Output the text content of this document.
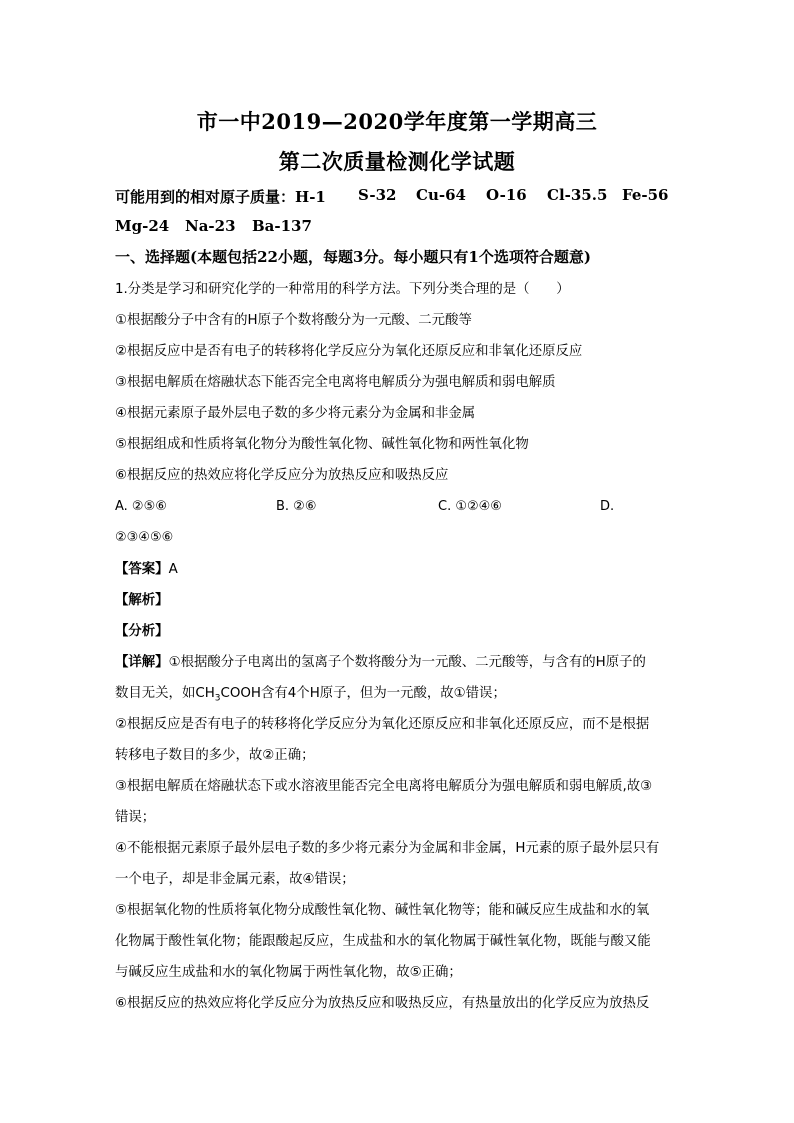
市一中2019—2020学年度第一学期高三
第二次质量检测化学试题
可能用到的相对原子质量：H-1 S-32 Cu-64 O-16 Cl-35.5 Fe-56
Mg-24 Na-23 Ba-137
一、选择题(本题包括22小题，每题3分。每小题只有1个选项符合题意)
1.分类是学习和研究化学的一种常用的科学方法。下列分类合理的是（　　）
①根据酸分子中含有的H原子个数将酸分为一元酸、二元酸等
②根据反应中是否有电子的转移将化学反应分为氧化还原反应和非氧化还原反应
③根据电解质在熔融状态下能否完全电离将电解质分为强电解质和弱电解质
④根据元素原子最外层电子数的多少将元素分为金属和非金属
⑤根据组成和性质将氧化物分为酸性氧化物、碱性氧化物和两性氧化物
⑥根据反应的热效应将化学反应分为放热反应和吸热反应
A. ②⑤⑥	B. ②⑥	C. ①②④⑥	D.
②③④⑤⑥
【答案】A
【解析】
【分析】
【详解】①根据酸分子电离出的氢离子个数将酸分为一元酸、二元酸等，与含有的H原子的
数目无关，如$CH_3COOH$含有4个H原子，但为一元酸，故①错误；
②根据反应是否有电子的转移将化学反应分为氧化还原反应和非氧化还原反应，而不是根据
转移电子数目的多少，故②正确；
③根据电解质在熔融状态下或水溶液里能否完全电离将电解质分为强电解质和弱电解质,故③
错误；
④不能根据元素原子最外层电子数的多少将元素分为金属和非金属，H元素的原子最外层只有
一个电子，却是非金属元素，故④错误；
⑤根据氧化物的性质将氧化物分成酸性氧化物、碱性氧化物等；能和碱反应生成盐和水的氧
化物属于酸性氧化物；能跟酸起反应，生成盐和水的氧化物属于碱性氧化物，既能与酸又能
与碱反应生成盐和水的氧化物属于两性氧化物，故⑤正确；
⑥根据反应的热效应将化学反应分为放热反应和吸热反应，有热量放出的化学反应为放热反
